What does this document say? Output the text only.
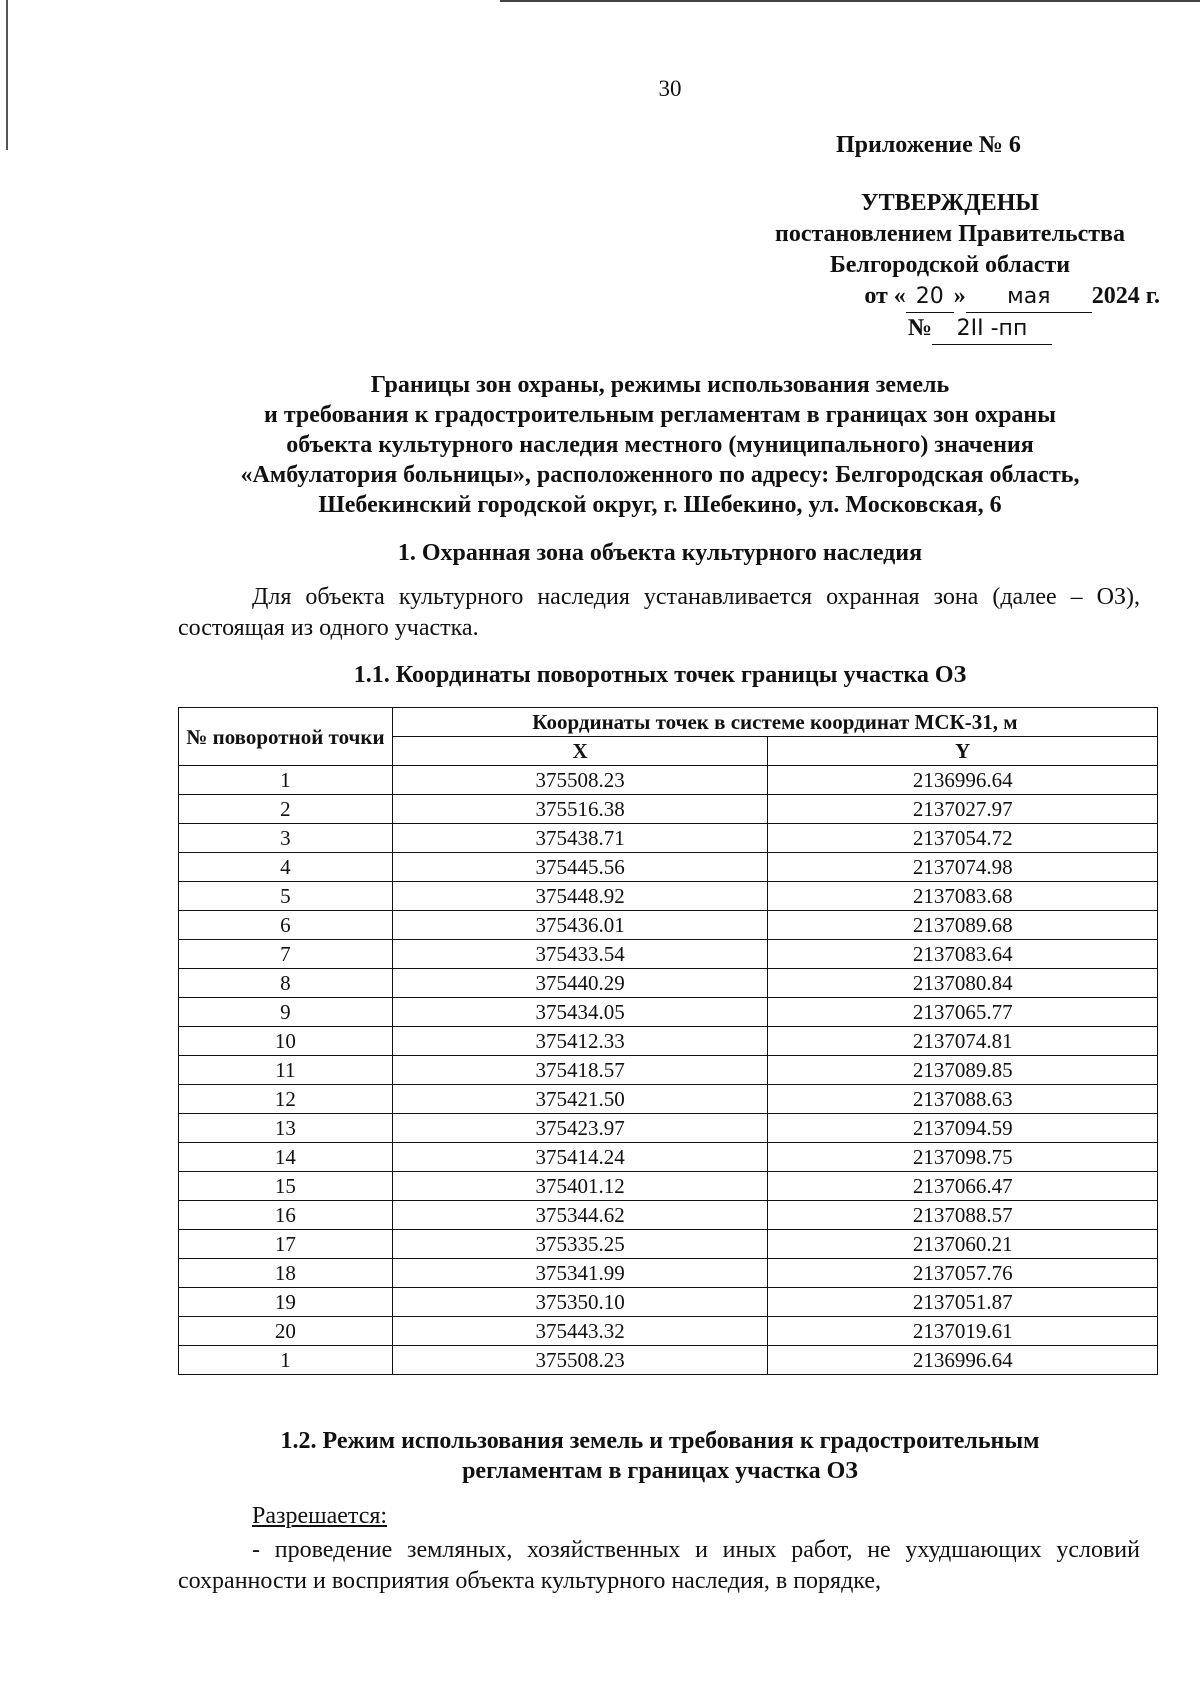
30
Приложение № 6
УТВЕРЖДЕНЫ
постановлением Правительства
Белгородской области
от « 20 » мая 2024 г.
№ 2II -пп
Границы зон охраны, режимы использования земель
и требования к градостроительным регламентам в границах зон охраны
объекта культурного наследия местного (муниципального) значения
«Амбулатория больницы», расположенного по адресу: Белгородская область,
Шебекинский городской округ, г. Шебекино, ул. Московская, 6
1. Охранная зона объекта культурного наследия
Для объекта культурного наследия устанавливается охранная зона (далее – ОЗ), состоящая из одного участка.
1.1. Координаты поворотных точек границы участка ОЗ
№ поворотной точки	Координаты точек в системе координат МСК-31, м	
	X	Y
1	375508.23	2136996.64
2	375516.38	2137027.97
3	375438.71	2137054.72
4	375445.56	2137074.98
5	375448.92	2137083.68
6	375436.01	2137089.68
7	375433.54	2137083.64
8	375440.29	2137080.84
9	375434.05	2137065.77
10	375412.33	2137074.81
11	375418.57	2137089.85
12	375421.50	2137088.63
13	375423.97	2137094.59
14	375414.24	2137098.75
15	375401.12	2137066.47
16	375344.62	2137088.57
17	375335.25	2137060.21
18	375341.99	2137057.76
19	375350.10	2137051.87
20	375443.32	2137019.61
1	375508.23	2136996.64
1.2. Режим использования земель и требования к градостроительным
регламентам в границах участка ОЗ
Разрешается:
- проведение земляных, хозяйственных и иных работ, не ухудшающих условий сохранности и восприятия объекта культурного наследия, в порядке,
